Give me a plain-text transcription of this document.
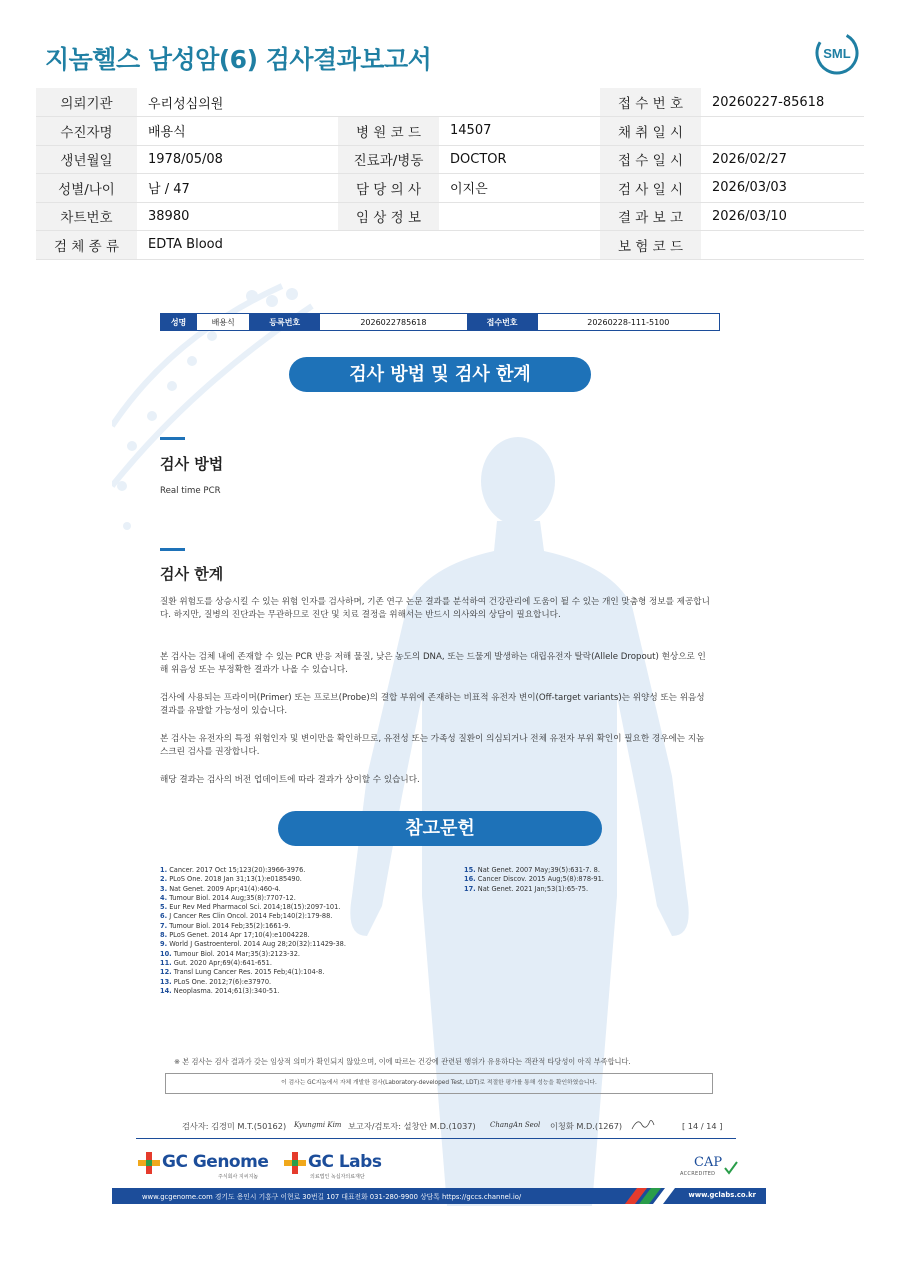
지놈헬스 남성암(6) 검사결과보고서	SML
의뢰기관	우리성심의원			접 수 번 호	20260227-85618
수진자명	배용식	병 원 코 드	14507	채 취 일 시	
생년월일	1978/05/08	진료과/병동	DOCTOR	접 수 일 시	2026/02/27
성별/나이	남 / 47	담 당 의 사	이지은	검 사 일 시	2026/03/03
차트번호	38980	임 상 정 보		결 과 보 고	2026/03/10
검 체 종 류	EDTA Blood			보 험 코 드	
성명	배용식	등록번호	2026022785618	접수번호	20260228-111-5100
검사 방법 및 검사 한계
검사 방법
Real time PCR
검사 한계
질환 위험도를 상승시킬 수 있는 위험 인자를 검사하며, 기존 연구 논문 결과를 분석하여 건강관리에 도움이 될 수 있는 개인 맞춤형 정보를 제공합니다. 하지만, 질병의 진단과는 무관하므로 진단 및 치료 결정을 위해서는 반드시 의사와의 상담이 필요합니다.
본 검사는 검체 내에 존재할 수 있는 PCR 반응 저해 물질, 낮은 농도의 DNA, 또는 드물게 발생하는 대립유전자 탈락(Allele Dropout) 현상으로 인해 위음성 또는 부정확한 결과가 나올 수 있습니다.
검사에 사용되는 프라이머(Primer) 또는 프로브(Probe)의 결합 부위에 존재하는 비표적 유전자 변이(Off-target variants)는 위양성 또는 위음성 결과를 유발할 가능성이 있습니다.
본 검사는 유전자의 특정 위험인자 및 변이만을 확인하므로, 유전성 또는 가족성 질환이 의심되거나 전체 유전자 부위 확인이 필요한 경우에는 지놈 스크린 검사를 권장합니다.
해당 결과는 검사의 버전 업데이트에 따라 결과가 상이할 수 있습니다.
참고문헌
1. Cancer. 2017 Oct 15;123(20):3966-3976.
2. PLoS One. 2018 Jan 31;13(1):e0185490.
3. Nat Genet. 2009 Apr;41(4):460-4.
4. Tumour Biol. 2014 Aug;35(8):7707-12.
5. Eur Rev Med Pharmacol Sci. 2014;18(15):2097-101.
6. J Cancer Res Clin Oncol. 2014 Feb;140(2):179-88.
7. Tumour Biol. 2014 Feb;35(2):1661-9.
8. PLoS Genet. 2014 Apr 17;10(4):e1004228.
9. World J Gastroenterol. 2014 Aug 28;20(32):11429-38.
10. Tumour Biol. 2014 Mar;35(3):2123-32.
11. Gut. 2020 Apr;69(4):641-651.
12. Transl Lung Cancer Res. 2015 Feb;4(1):104-8.
13. PLoS One. 2012;7(6):e37970.
14. Neoplasma. 2014;61(3):340-51.
15. Nat Genet. 2007 May;39(5):631-7. 8.
16. Cancer Discov. 2015 Aug;5(8):878-91.
17. Nat Genet. 2021 Jan;53(1):65-75.
※ 본 검사는 검사 결과가 갖는 임상적 의미가 확인되지 않았으며, 이에 따르는 건강에 관련된 행위가 유용하다는 객관적 타당성이 아직 부족합니다.
이 검사는 GC지놈에서 자체 개발한 검사(Laboratory-developed Test, LDT)로 적절한 평가를 통해 성능을 확인하였습니다.
검사자: 김경미 M.T.(50162) Kyungmi Kim 보고자/검토자: 설창안 M.D.(1037) ChangAn Seol 이청화 M.D.(1267)	[ 14 / 14 ]
GC Genome
주식회사 지씨지놈
GC Labs
의료법인 녹십자의료재단
CAP
ACCREDITED
www.gcgenome.com 경기도 용인시 기흥구 이현로 30번길 107 대표전화 031-280-9900 상담톡 https://gccs.channel.io/	www.gclabs.co.kr
